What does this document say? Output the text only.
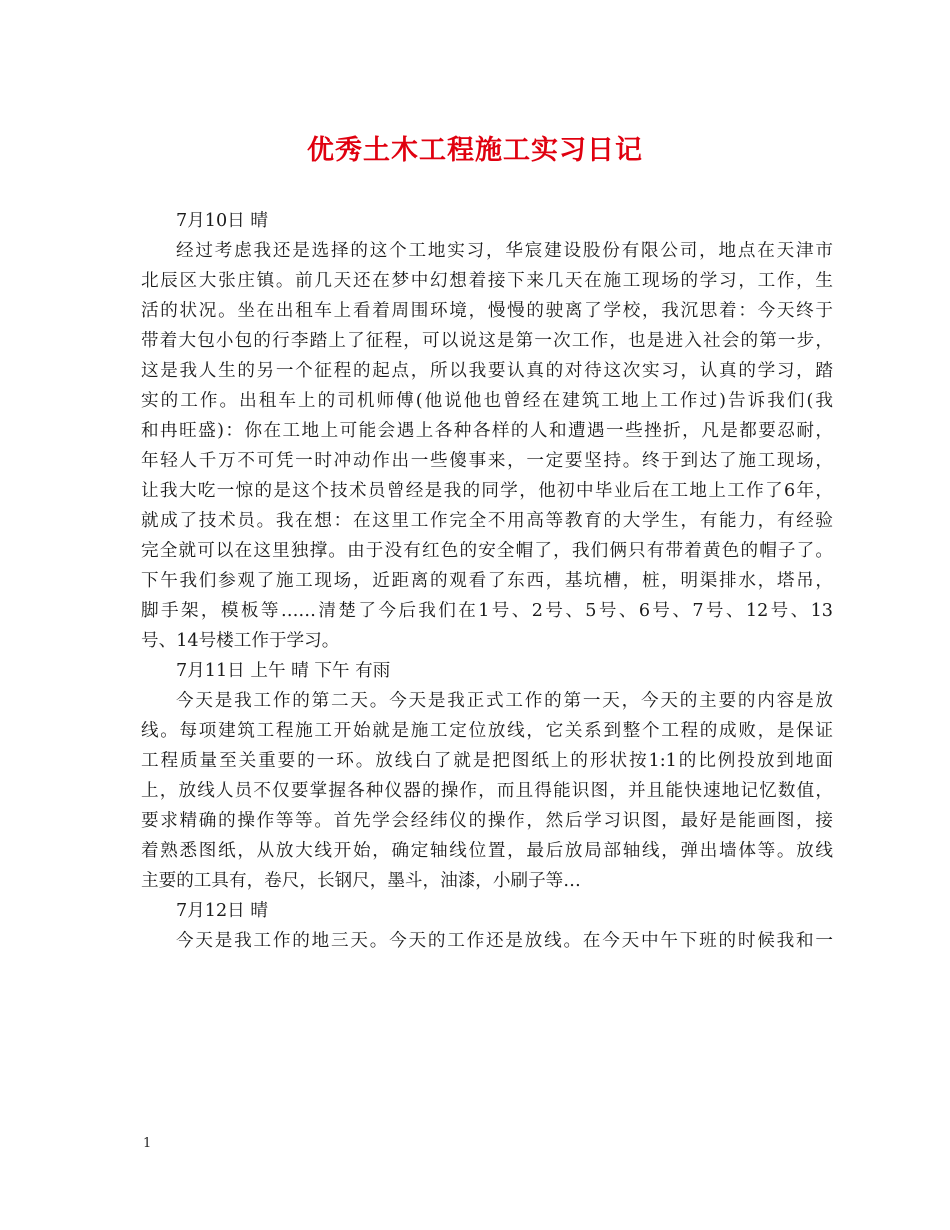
优秀土木工程施工实习日记
7月10日 晴
经过考虑我还是选择的这个工地实习，华宸建设股份有限公司，地点在天津市
北辰区大张庄镇。前几天还在梦中幻想着接下来几天在施工现场的学习，工作，生
活的状况。坐在出租车上看着周围环境，慢慢的驶离了学校，我沉思着：今天终于
带着大包小包的行李踏上了征程，可以说这是第一次工作，也是进入社会的第一步，
这是我人生的另一个征程的起点，所以我要认真的对待这次实习，认真的学习，踏
实的工作。出租车上的司机师傅(他说他也曾经在建筑工地上工作过)告诉我们(我
和冉旺盛)：你在工地上可能会遇上各种各样的人和遭遇一些挫折，凡是都要忍耐，
年轻人千万不可凭一时冲动作出一些傻事来，一定要坚持。终于到达了施工现场，
让我大吃一惊的是这个技术员曾经是我的同学，他初中毕业后在工地上工作了6年，
就成了技术员。我在想：在这里工作完全不用高等教育的大学生，有能力，有经验
完全就可以在这里独撑。由于没有红色的安全帽了，我们俩只有带着黄色的帽子了。
下午我们参观了施工现场，近距离的观看了东西，基坑槽，桩，明渠排水，塔吊，
脚手架，模板等……清楚了今后我们在1号、2号、5号、6号、7号、12号、13
号、14号楼工作于学习。
7月11日 上午 晴 下午 有雨
今天是我工作的第二天。今天是我正式工作的第一天，今天的主要的内容是放
线。每项建筑工程施工开始就是施工定位放线，它关系到整个工程的成败，是保证
工程质量至关重要的一环。放线白了就是把图纸上的形状按1:1的比例投放到地面
上，放线人员不仅要掌握各种仪器的操作，而且得能识图，并且能快速地记忆数值，
要求精确的操作等等。首先学会经纬仪的操作，然后学习识图，最好是能画图，接
着熟悉图纸，从放大线开始，确定轴线位置，最后放局部轴线，弹出墙体等。放线
主要的工具有，卷尺，长钢尺，墨斗，油漆，小刷子等…
7月12日 晴
今天是我工作的地三天。今天的工作还是放线。在今天中午下班的时候我和一
1
